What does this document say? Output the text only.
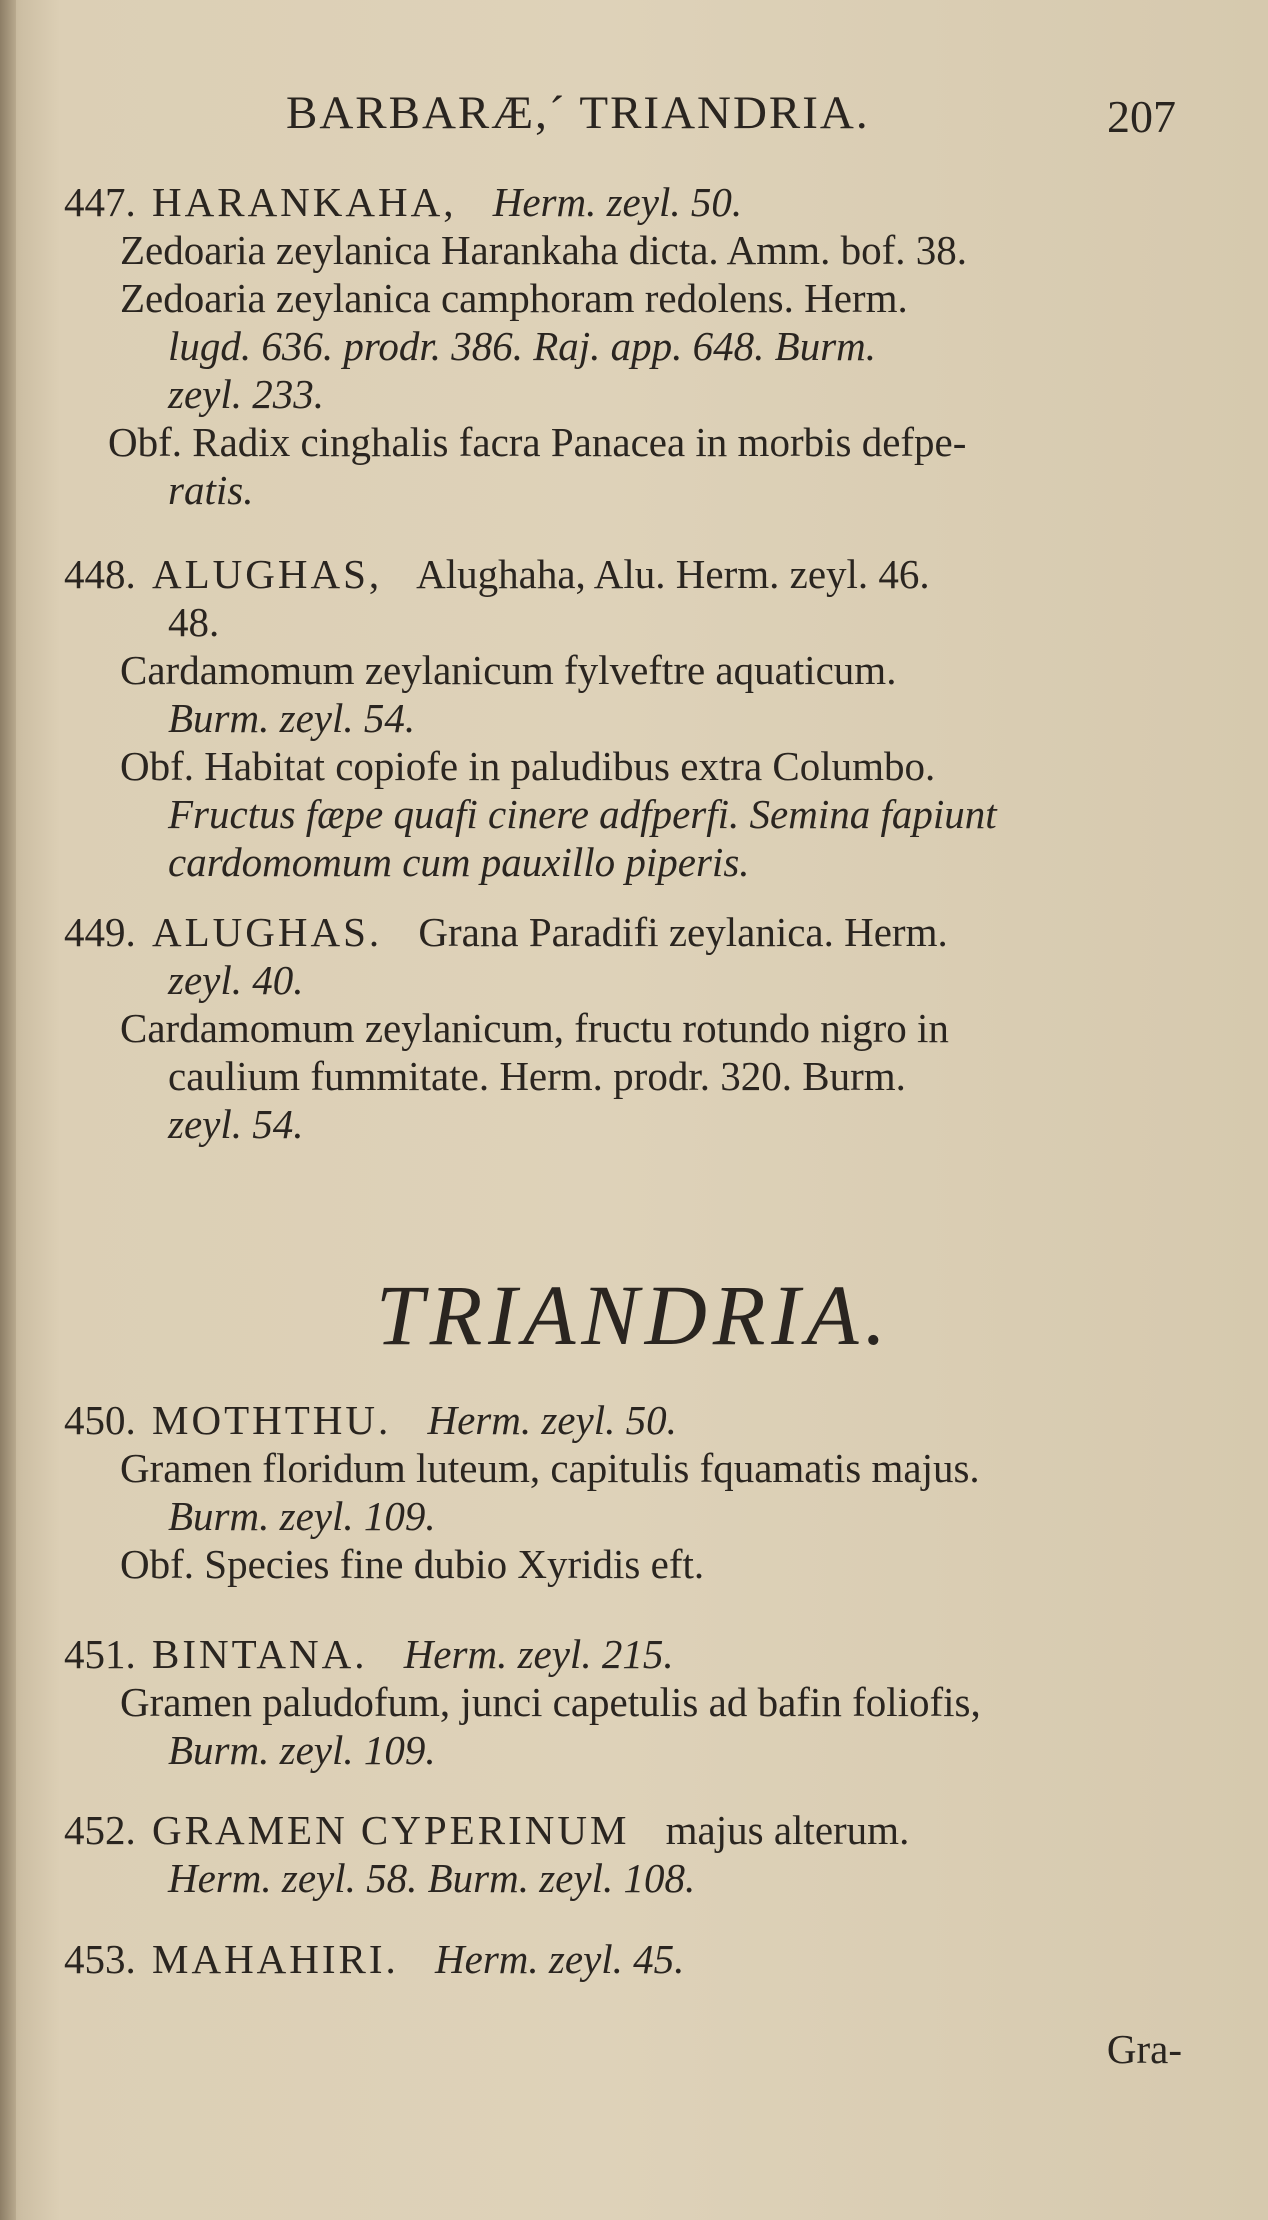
BARBARÆ,´ TRIANDRIA.	207
447. HARANKAHA, Herm. zeyl. 50.
Zedoaria zeylanica Harankaha dicta. Amm. bof. 38.
Zedoaria zeylanica camphoram redolens. Herm.
lugd. 636. prodr. 386. Raj. app. 648. Burm.
zeyl. 233.
Obf. Radix cinghalis facra Panacea in morbis defpe-
ratis.
448. ALUGHAS, Alughaha, Alu. Herm. zeyl. 46.
48.
Cardamomum zeylanicum fylveftre aquaticum.
Burm. zeyl. 54.
Obf. Habitat copiofe in paludibus extra Columbo.
Fructus fæpe quafi cinere adfperfi. Semina fapiunt
cardomomum cum pauxillo piperis.
449. ALUGHAS. Grana Paradifi zeylanica. Herm.
zeyl. 40.
Cardamomum zeylanicum, fructu rotundo nigro in
caulium fummitate. Herm. prodr. 320. Burm.
zeyl. 54.
TRIANDRIA.
450. MOTHTHU. Herm. zeyl. 50.
Gramen floridum luteum, capitulis fquamatis majus.
Burm. zeyl. 109.
Obf. Species fine dubio Xyridis eft.
451. BINTANA. Herm. zeyl. 215.
Gramen paludofum, junci capetulis ad bafin foliofis,
Burm. zeyl. 109.
452. GRAMEN CYPERINUM majus alterum.
Herm. zeyl. 58. Burm. zeyl. 108.
453. MAHAHIRI. Herm. zeyl. 45.
Gra-
